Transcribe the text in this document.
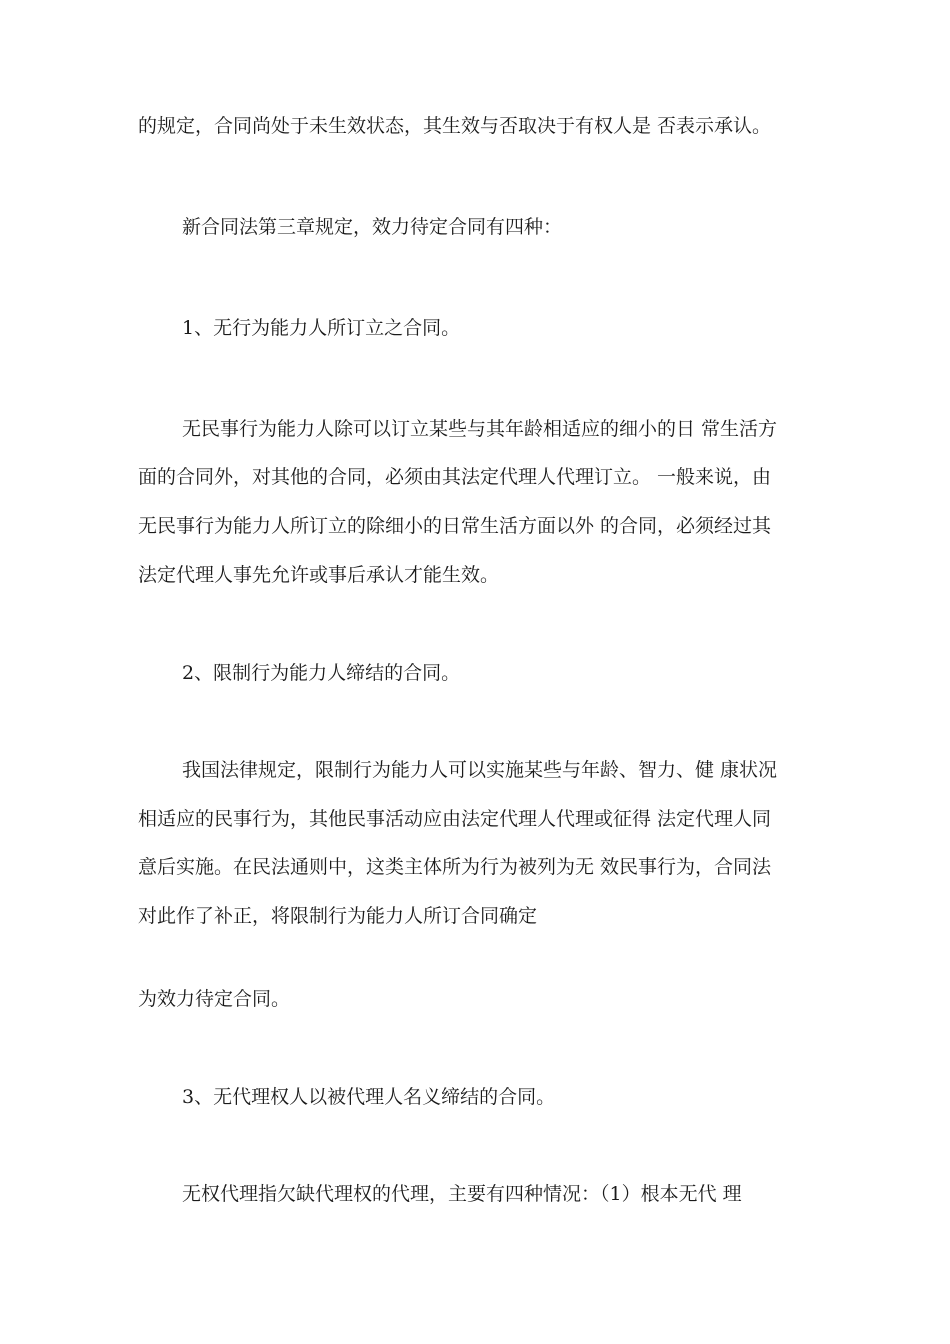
的规定，合同尚处于未生效状态，其生效与否取决于有权人是 否表示承认。
新合同法第三章规定，效力待定合同有四种：
1、无行为能力人所订立之合同。
无民事行为能力人除可以订立某些与其年龄相适应的细小的日 常生活方
面的合同外，对其他的合同，必须由其法定代理人代理订立。 一般来说，由
无民事行为能力人所订立的除细小的日常生活方面以外 的合同，必须经过其
法定代理人事先允许或事后承认才能生效。
2、限制行为能力人缔结的合同。
我国法律规定，限制行为能力人可以实施某些与年龄、智力、健 康状况
相适应的民事行为，其他民事活动应由法定代理人代理或征得 法定代理人同
意后实施。在民法通则中，这类主体所为行为被列为无 效民事行为，合同法
对此作了补正，将限制行为能力人所订合同确定
为效力待定合同。
3、无代理权人以被代理人名义缔结的合同。
无权代理指欠缺代理权的代理，主要有四种情况：（1）根本无代 理
